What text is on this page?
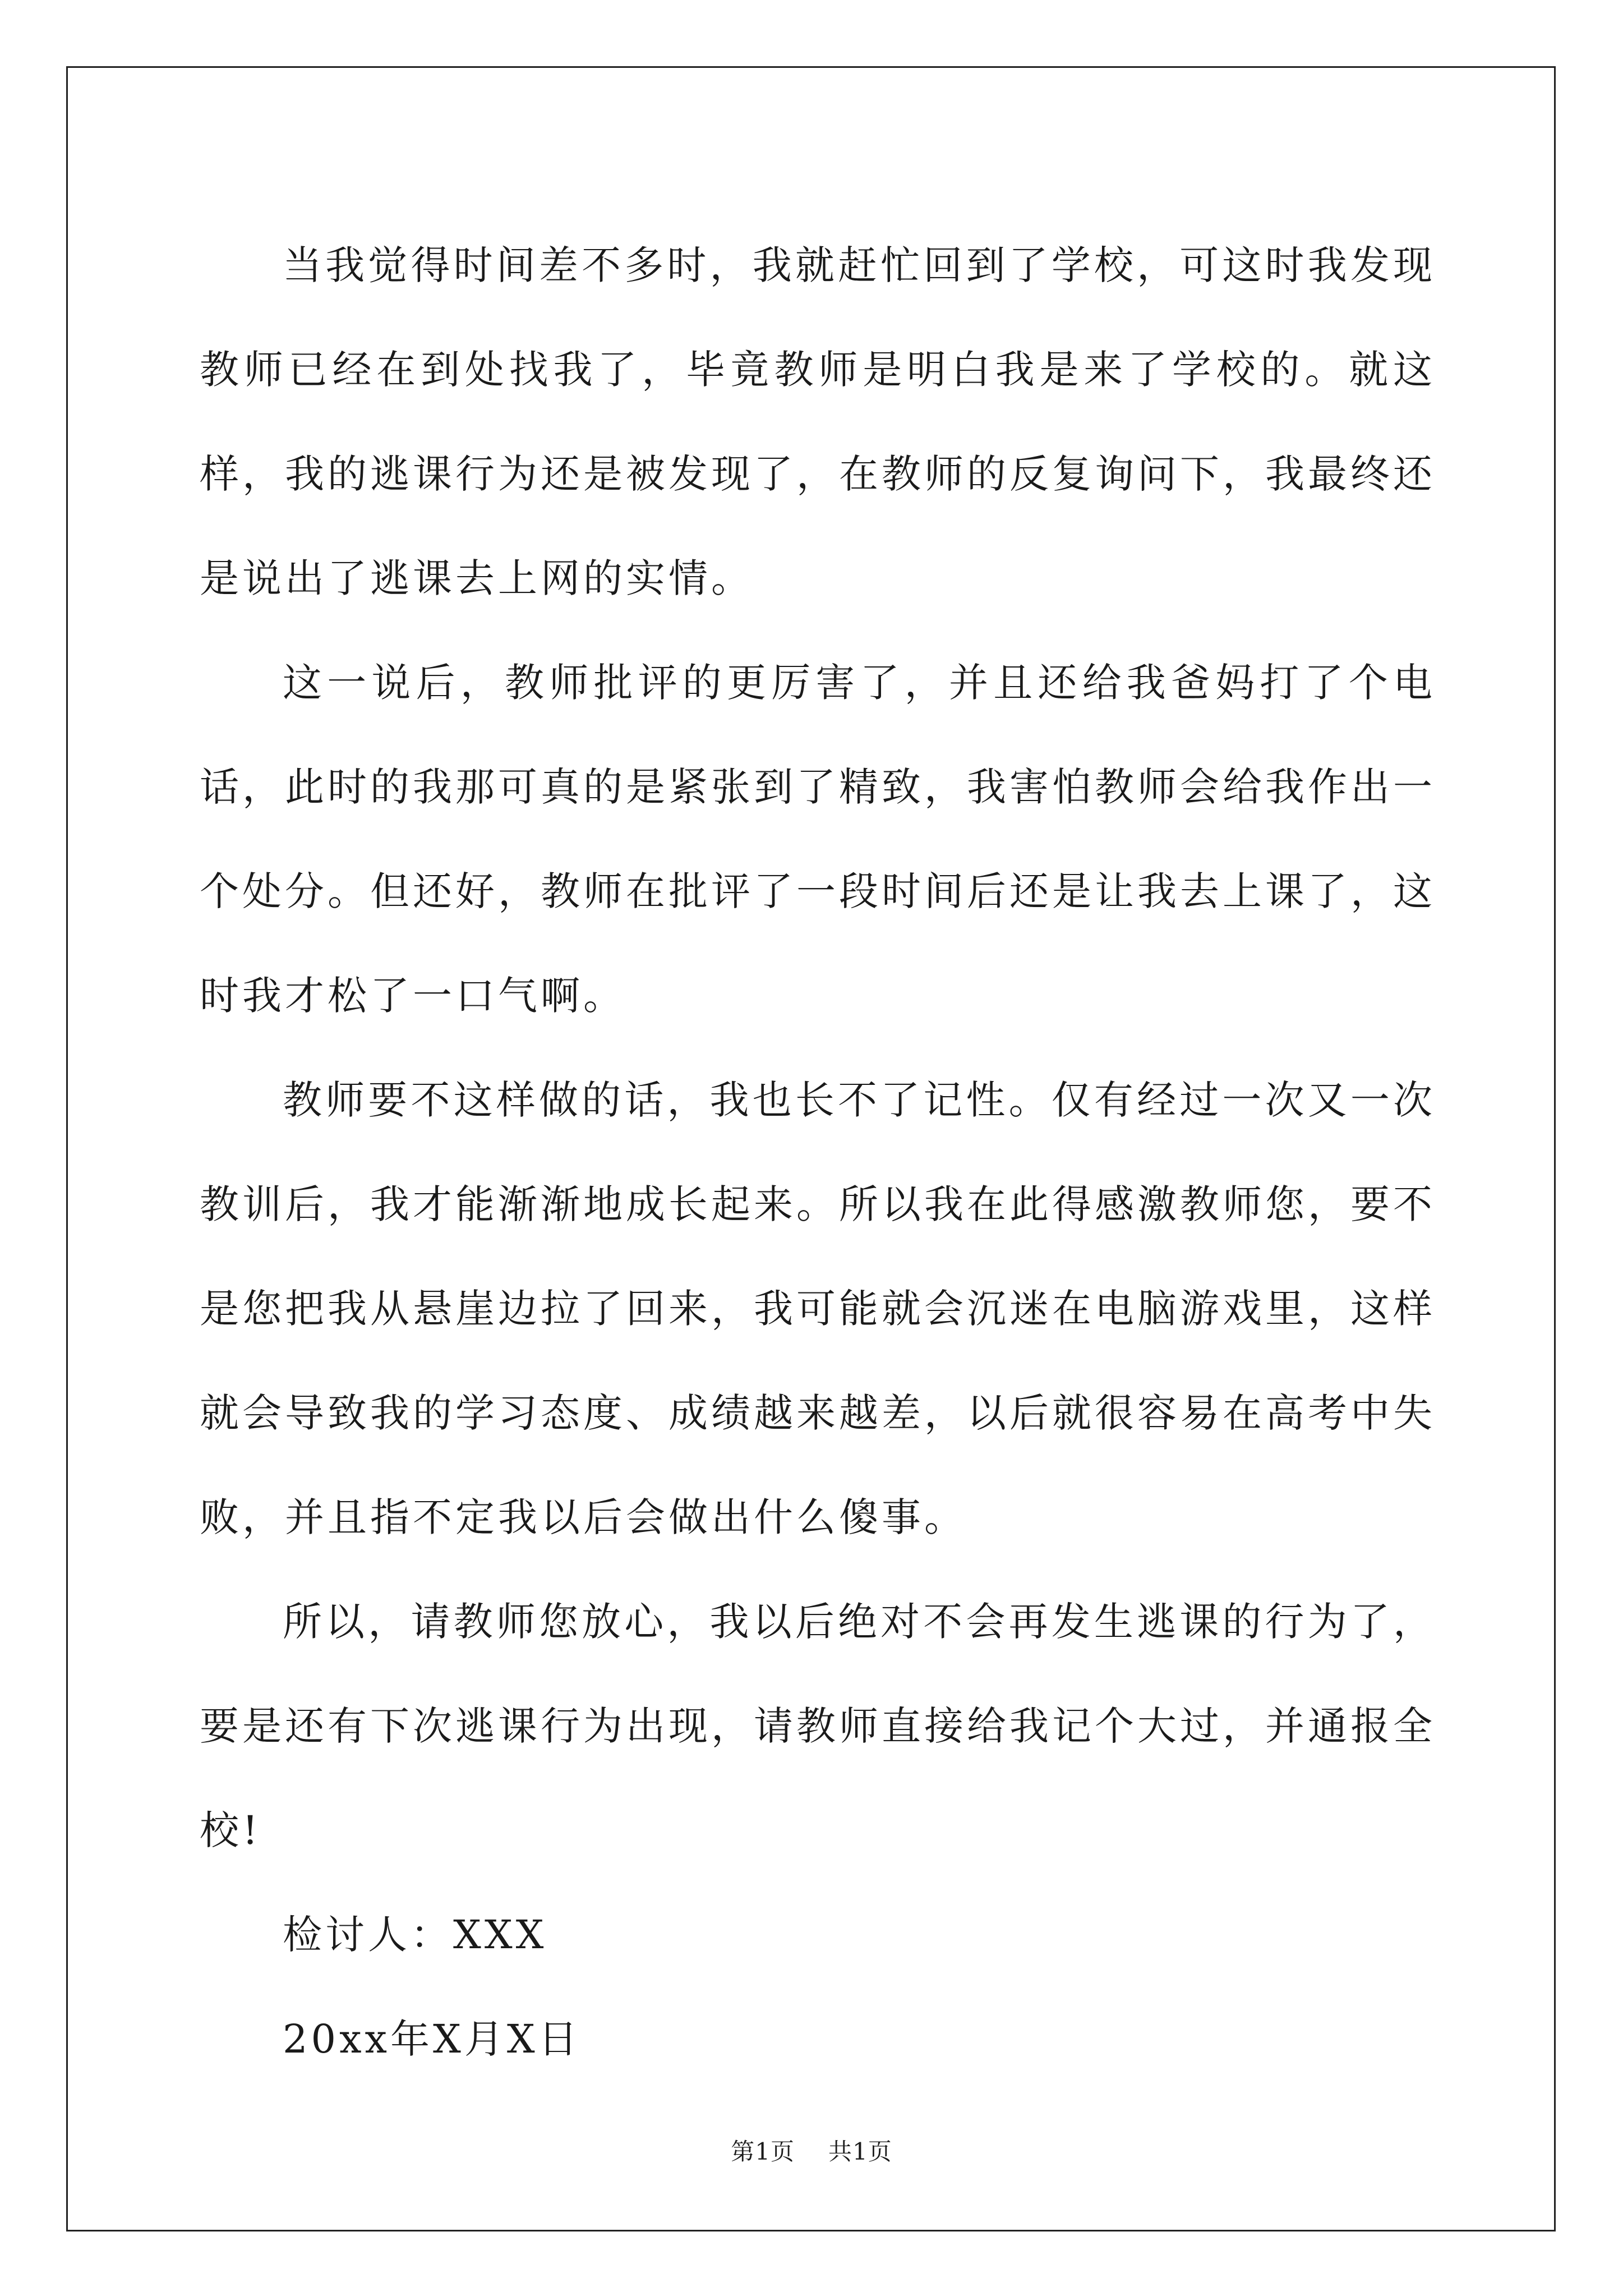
当我觉得时间差不多时，我就赶忙回到了学校，可这时我发现教师已经在到处找我了，毕竟教师是明白我是来了学校的。就这样，我的逃课行为还是被发现了，在教师的反复询问下，我最终还是说出了逃课去上网的实情。

这一说后，教师批评的更厉害了，并且还给我爸妈打了个电话，此时的我那可真的是紧张到了精致，我害怕教师会给我作出一个处分。但还好，教师在批评了一段时间后还是让我去上课了，这时我才松了一口气啊。

教师要不这样做的话，我也长不了记性。仅有经过一次又一次教训后，我才能渐渐地成长起来。所以我在此得感激教师您，要不是您把我从悬崖边拉了回来，我可能就会沉迷在电脑游戏里，这样就会导致我的学习态度、成绩越来越差，以后就很容易在高考中失败，并且指不定我以后会做出什么傻事。

所以，请教师您放心，我以后绝对不会再发生逃课的行为了，要是还有下次逃课行为出现，请教师直接给我记个大过，并通报全校!

检讨人：XXX

20xx年X月X日

第1页 共1页
